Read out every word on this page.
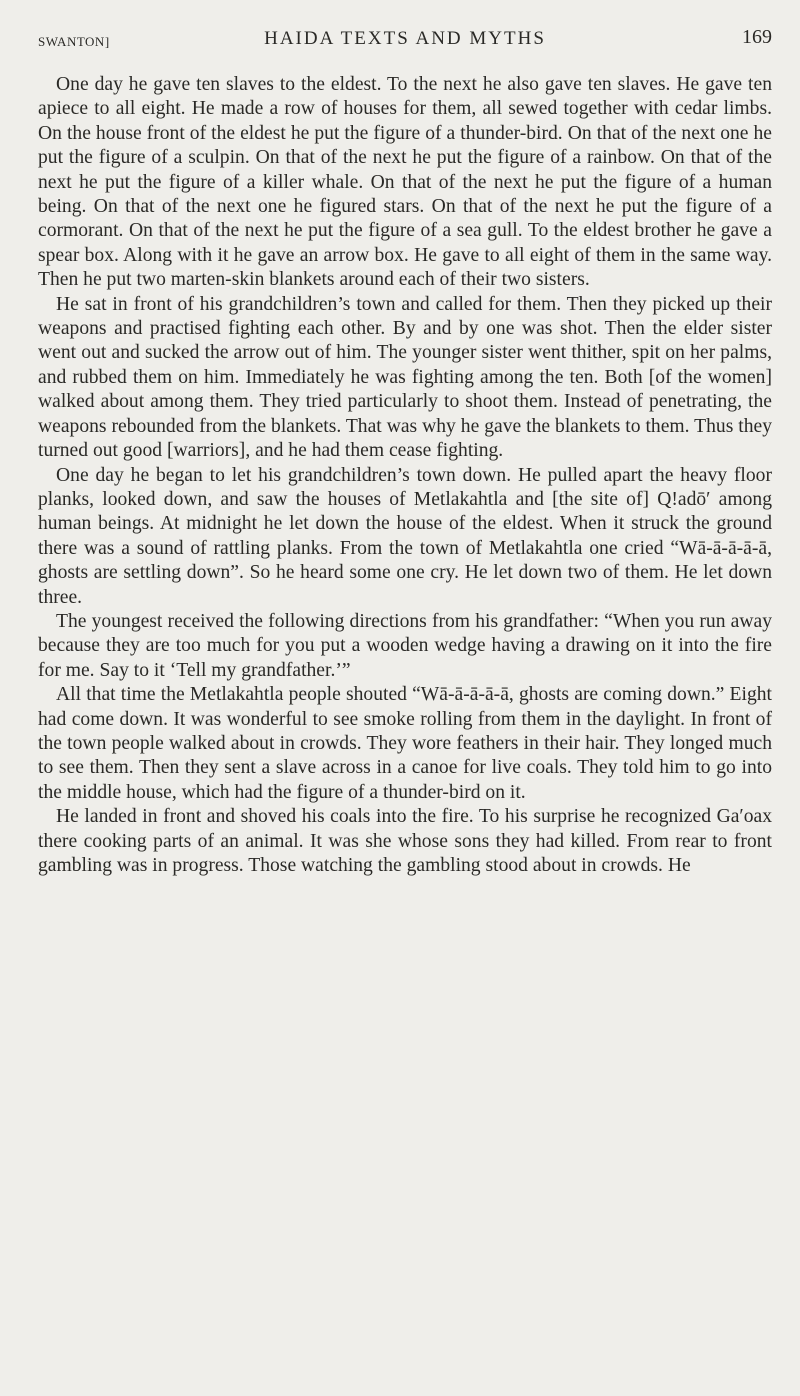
SWANTON]	HAIDA TEXTS AND MYTHS	169

One day he gave ten slaves to the eldest. To the next he also gave ten slaves. He gave ten apiece to all eight. He made a row of houses for them, all sewed together with cedar limbs. On the house front of the eldest he put the figure of a thunder-bird. On that of the next one he put the figure of a sculpin. On that of the next he put the figure of a rainbow. On that of the next he put the figure of a killer whale. On that of the next he put the figure of a human being. On that of the next one he figured stars. On that of the next he put the figure of a cormorant. On that of the next he put the figure of a sea gull. To the eldest brother he gave a spear box. Along with it he gave an arrow box. He gave to all eight of them in the same way. Then he put two marten-skin blankets around each of their two sisters.

He sat in front of his grandchildren’s town and called for them. Then they picked up their weapons and practised fighting each other. By and by one was shot. Then the elder sister went out and sucked the arrow out of him. The younger sister went thither, spit on her palms, and rubbed them on him. Immediately he was fighting among the ten. Both [of the women] walked about among them. They tried particularly to shoot them. Instead of penetrating, the weapons rebounded from the blankets. That was why he gave the blankets to them. Thus they turned out good [warriors], and he had them cease fighting.

One day he began to let his grandchildren’s town down. He pulled apart the heavy floor planks, looked down, and saw the houses of Metlakahtla and [the site of] Q!adō′ among human beings. At midnight he let down the house of the eldest. When it struck the ground there was a sound of rattling planks. From the town of Metlakahtla one cried “Wā-ā-ā-ā-ā, ghosts are settling down”. So he heard some one cry. He let down two of them. He let down three.

The youngest received the following directions from his grandfather: “When you run away because they are too much for you put a wooden wedge having a drawing on it into the fire for me. Say to it ‘Tell my grandfather.’”

All that time the Metlakahtla people shouted “Wā-ā-ā-ā-ā, ghosts are coming down.” Eight had come down. It was wonderful to see smoke rolling from them in the daylight. In front of the town people walked about in crowds. They wore feathers in their hair. They longed much to see them. Then they sent a slave across in a canoe for live coals. They told him to go into the middle house, which had the figure of a thunder-bird on it.

He landed in front and shoved his coals into the fire. To his surprise he recognized Ga′oax there cooking parts of an animal. It was she whose sons they had killed. From rear to front gambling was in progress. Those watching the gambling stood about in crowds. He
